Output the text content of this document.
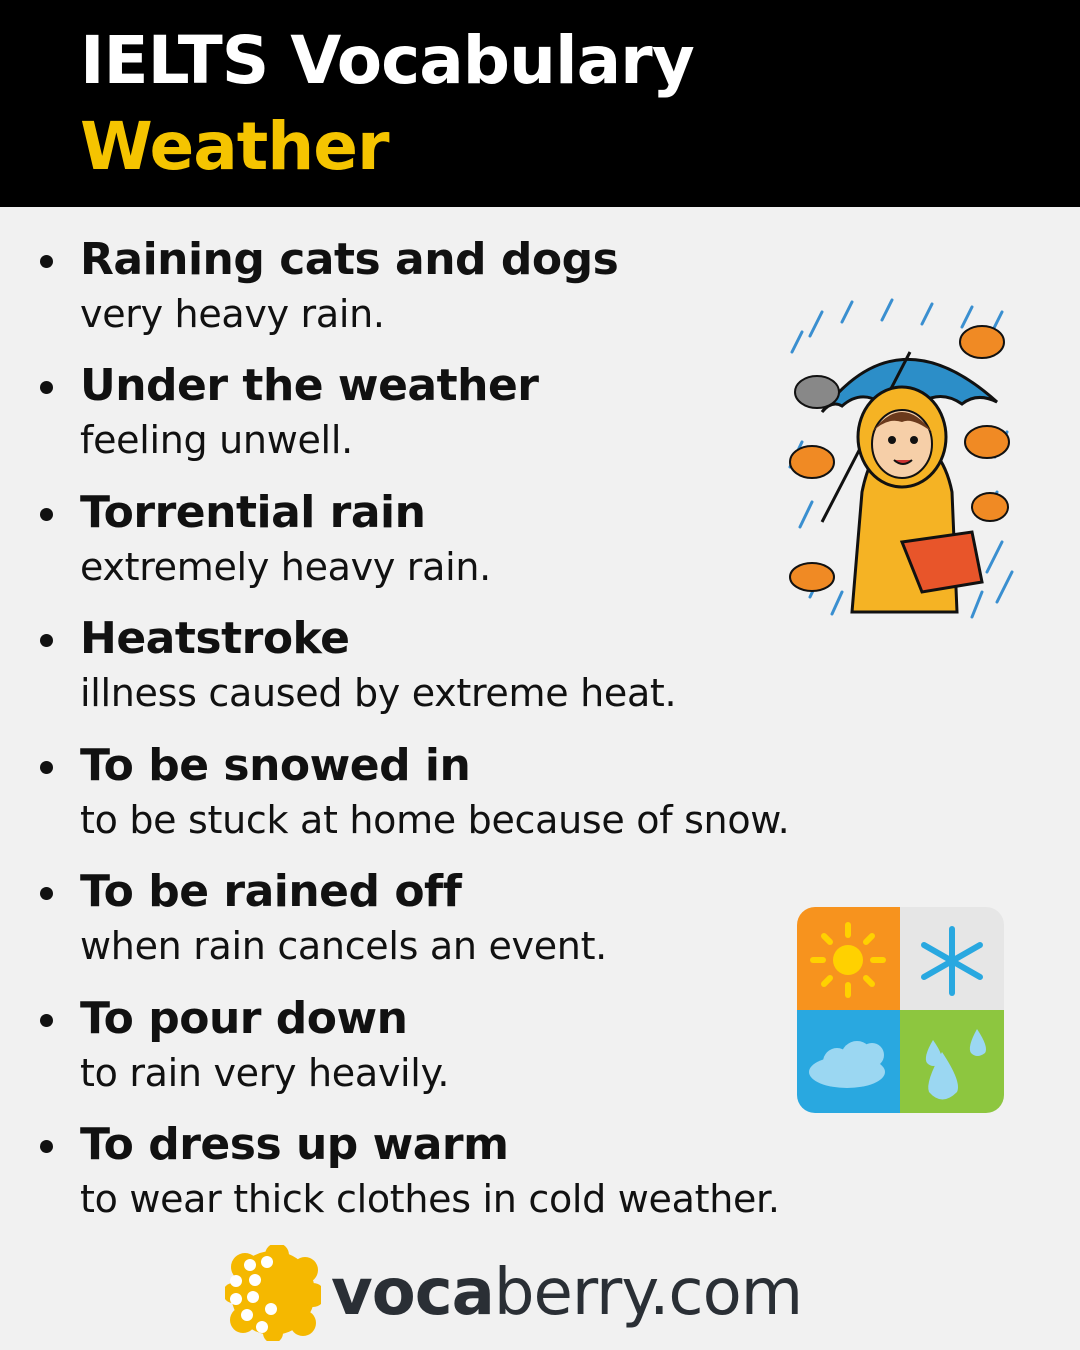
IELTS Vocabulary
Weather
Raining cats and dogs
very heavy rain.
Under the weather
feeling unwell.
Torrential rain
extremely heavy rain.
Heatstroke
illness caused by extreme heat.
To be snowed in
to be stuck at home because of snow.
To be rained off
when rain cancels an event.
To pour down
to rain very heavily.
To dress up warm
to wear thick clothes in cold weather.
vocaberry.com
